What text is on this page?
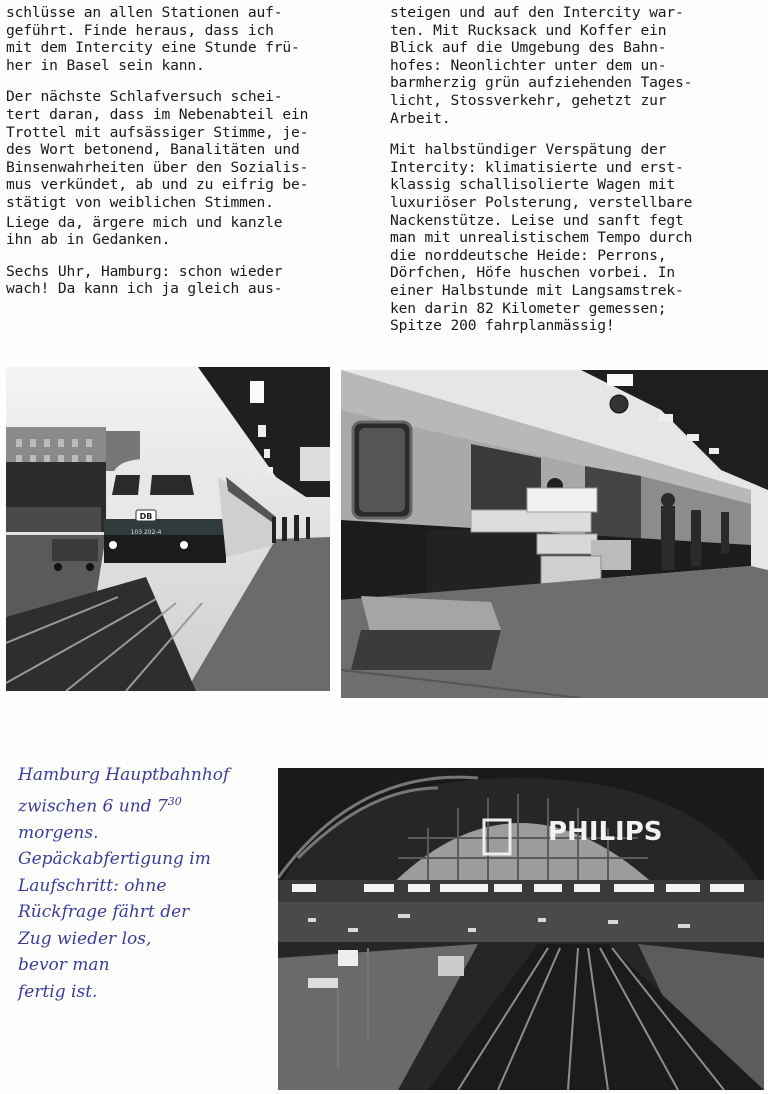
schlüsse an allen Stationen auf-
geführt. Finde heraus, dass ich
mit dem Intercity eine Stunde frü-
her in Basel sein kann.

Der nächste Schlafversuch schei-
tert daran, dass im Nebenabteil ein
Trottel mit aufsässiger Stimme, je-
des Wort betonend, Banalitäten und
Binsenwahrheiten über den Sozialis-
mus verkündet, ab und zu eifrig be-
stätigt von weiblichen Stimmen.

Liege da, ärgere mich und kanzle
ihn ab in Gedanken.

Sechs Uhr, Hamburg: schon wieder
wach! Da kann ich ja gleich aus-

steigen und auf den Intercity war-
ten. Mit Rucksack und Koffer ein
Blick auf die Umgebung des Bahn-
hofes: Neonlichter unter dem un-
barmherzig grün aufziehenden Tages-
licht, Stossverkehr, gehetzt zur
Arbeit.

Mit halbstündiger Verspätung der
Intercity: klimatisierte und erst-
klassig schallisolierte Wagen mit
luxuriöser Polsterung, verstellbare
Nackenstütze. Leise und sanft fegt
man mit unrealistischem Tempo durch
die norddeutsche Heide: Perrons,
Dörfchen, Höfe huschen vorbei. In
einer Halbstunde mit Langsamstrek-
ken darin 82 Kilometer gemessen;
Spitze 200 fahrplanmässig!

DB
103 202-4
PHILIPS
Hamburg Hauptbahnhof
zwischen 6 und $7^{30}$
morgens.
Gepäckabfertigung im
Laufschritt: ohne
Rückfrage fährt der
Zug wieder los,
bevor man
fertig ist.
